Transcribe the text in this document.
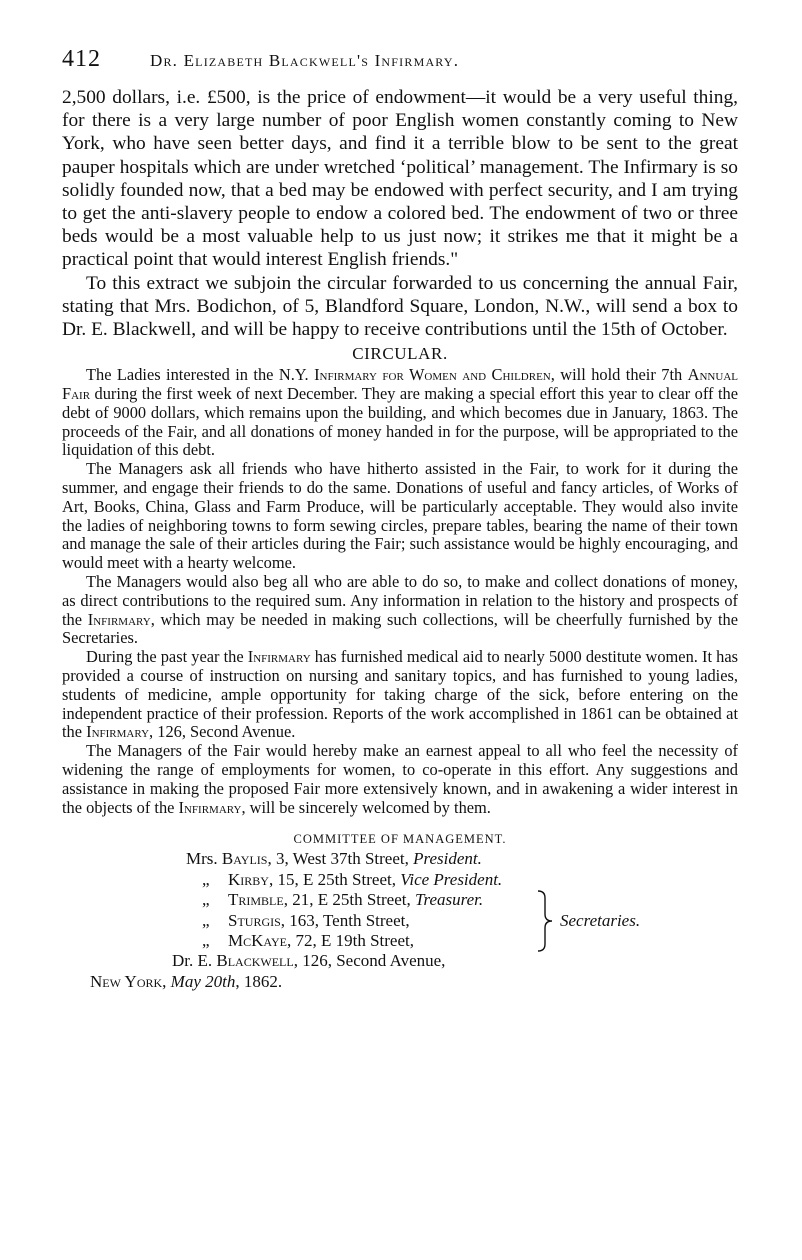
412	Dr. Elizabeth Blackwell's Infirmary.

2,500 dollars, i.e. £500, is the price of endowment—it would be a very useful thing, for there is a very large number of poor English women constantly coming to New York, who have seen better days, and find it a terrible blow to be sent to the great pauper hospitals which are under wretched ‘political’ management. The Infirmary is so solidly founded now, that a bed may be endowed with perfect security, and I am trying to get the anti-slavery people to endow a colored bed. The endowment of two or three beds would be a most valuable help to us just now; it strikes me that it might be a practical point that would interest English friends."

To this extract we subjoin the circular forwarded to us concerning the annual Fair, stating that Mrs. Bodichon, of 5, Blandford Square, London, N.W., will send a box to Dr. E. Blackwell, and will be happy to receive contributions until the 15th of October.

CIRCULAR.

The Ladies interested in the N.Y. Infirmary for Women and Children, will hold their 7th Annual Fair during the first week of next December. They are making a special effort this year to clear off the debt of 9000 dollars, which remains upon the building, and which becomes due in January, 1863. The proceeds of the Fair, and all donations of money handed in for the purpose, will be appropriated to the liquidation of this debt.

The Managers ask all friends who have hitherto assisted in the Fair, to work for it during the summer, and engage their friends to do the same. Donations of useful and fancy articles, of Works of Art, Books, China, Glass and Farm Produce, will be particularly acceptable. They would also invite the ladies of neighboring towns to form sewing circles, prepare tables, bearing the name of their town and manage the sale of their articles during the Fair; such assistance would be highly encouraging, and would meet with a hearty welcome.

The Managers would also beg all who are able to do so, to make and collect donations of money, as direct contributions to the required sum. Any information in relation to the history and prospects of the Infirmary, which may be needed in making such collections, will be cheerfully furnished by the Secretaries.

During the past year the Infirmary has furnished medical aid to nearly 5000 destitute women. It has provided a course of instruction on nursing and sanitary topics, and has furnished to young ladies, students of medicine, ample opportunity for taking charge of the sick, before entering on the independent practice of their profession. Reports of the work accomplished in 1861 can be obtained at the Infirmary, 126, Second Avenue.

The Managers of the Fair would hereby make an earnest appeal to all who feel the necessity of widening the range of employments for women, to co-operate in this effort. Any suggestions and assistance in making the proposed Fair more extensively known, and in awakening a wider interest in the objects of the Infirmary, will be sincerely welcomed by them.

COMMITTEE OF MANAGEMENT.
Mrs. Baylis, 3, West 37th Street, President.
„ Kirby, 15, E 25th Street, Vice President.
„ Trimble, 21, E 25th Street, Treasurer.
„ Sturgis, 163, Tenth Street,
„ McKaye, 72, E 19th Street,
Secretaries.
Dr. E. Blackwell, 126, Second Avenue,
New York, May 20th, 1862.
